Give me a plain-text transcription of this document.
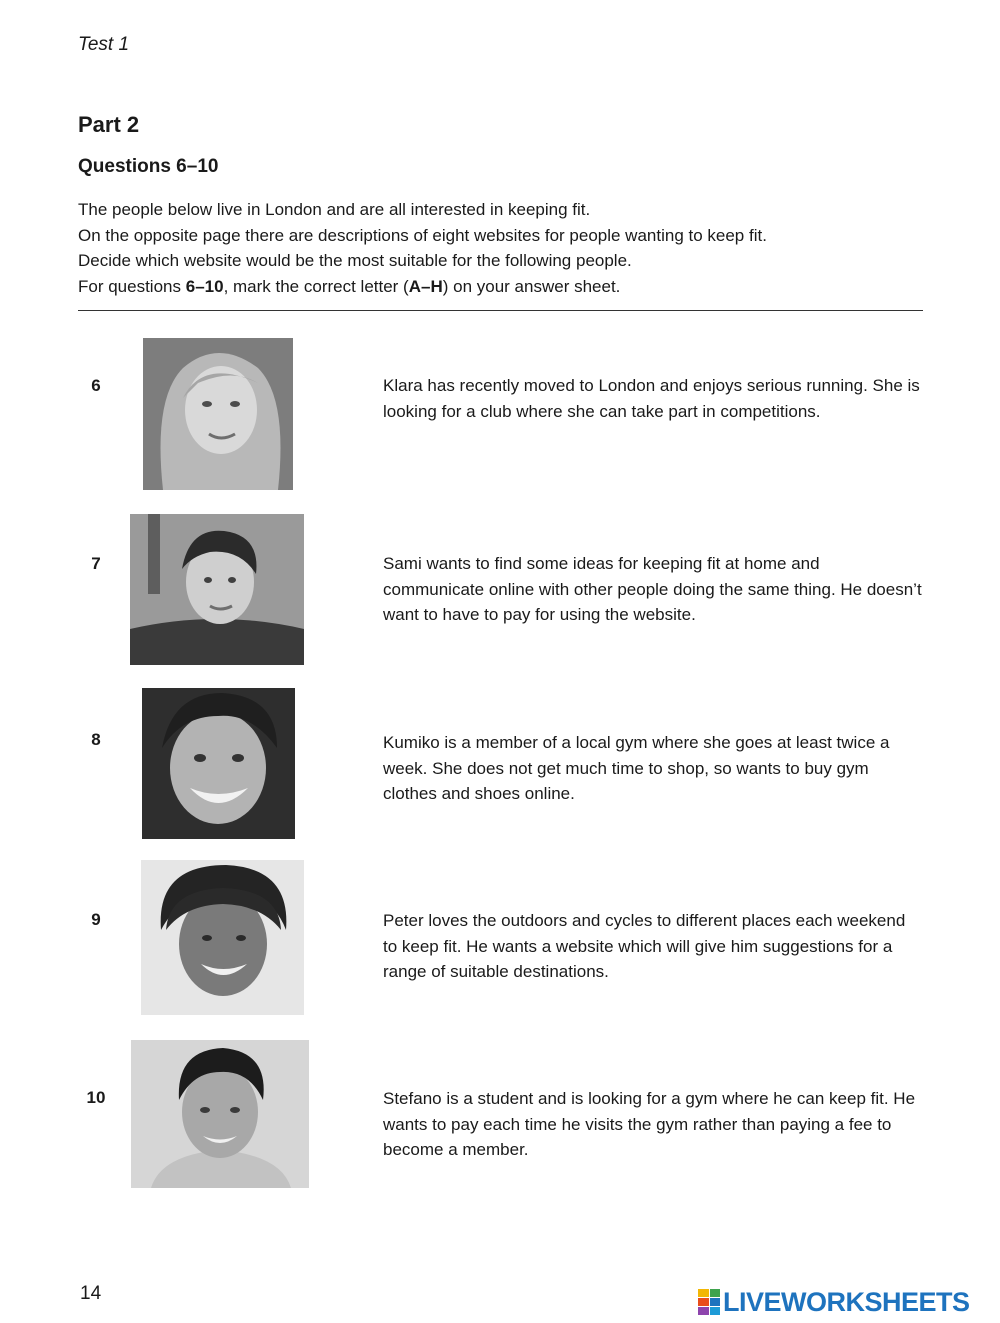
Test 1
Part 2
Questions 6–10

The people below live in London and are all interested in keeping fit.

On the opposite page there are descriptions of eight websites for people wanting to keep fit.

Decide which website would be the most suitable for the following people.

For questions 6–10, mark the correct letter (A–H) on your answer sheet.

6	Klara has recently moved to London and enjoys serious running. She is looking for a club where she can take part in competitions.
7	Sami wants to find some ideas for keeping fit at home and communicate online with other people doing the same thing. He doesn’t want to have to pay for using the website.
8	Kumiko is a member of a local gym where she goes at least twice a week. She does not get much time to shop, so wants to buy gym clothes and shoes online.
9	Peter loves the outdoors and cycles to different places each weekend to keep fit. He wants a website which will give him suggestions for a range of suitable destinations.
10	Stefano is a student and is looking for a gym where he can keep fit. He wants to pay each time he visits the gym rather than paying a fee to become a member.
14	LIVEWORKSHEETS
